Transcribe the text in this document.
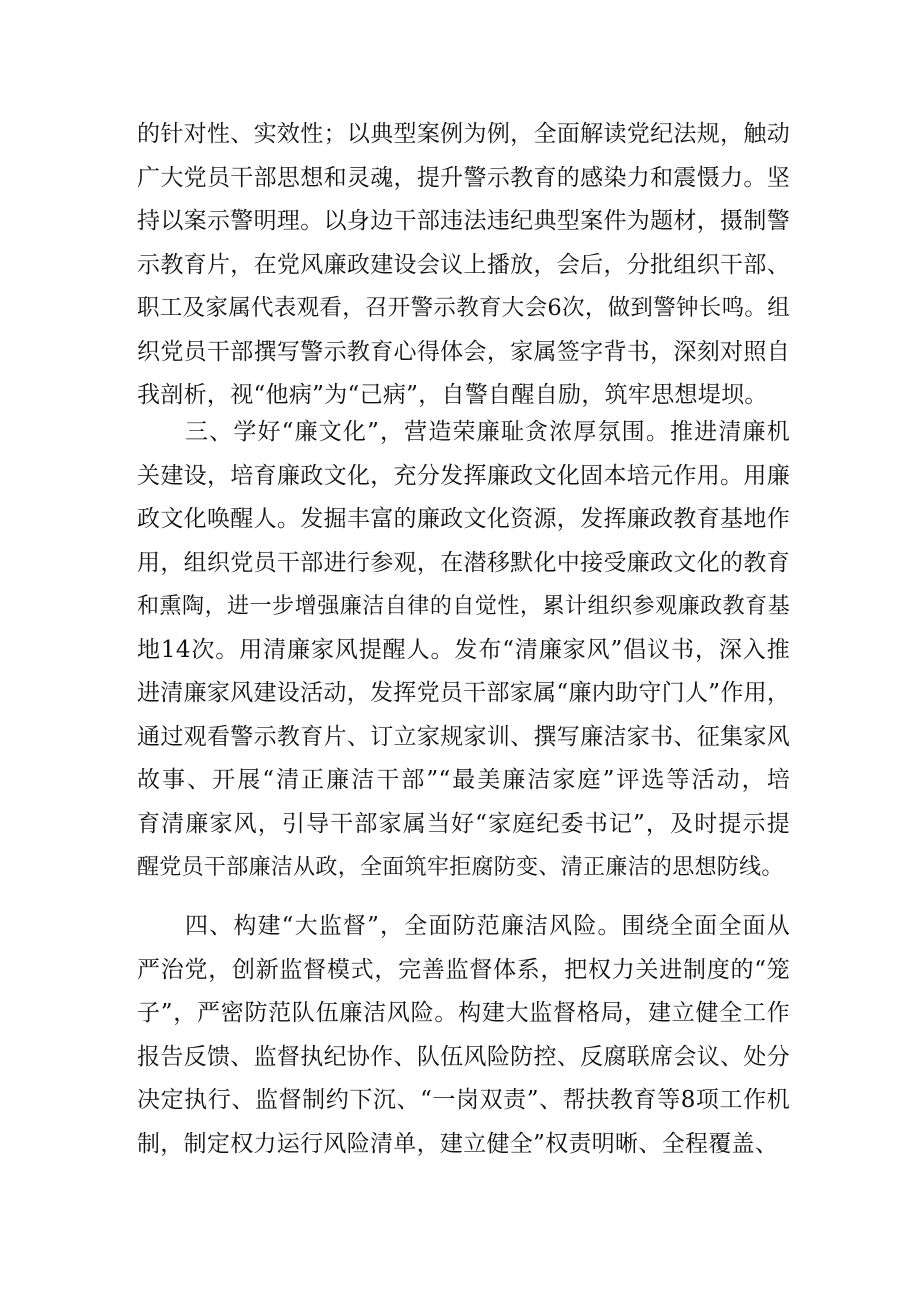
的针对性、实效性；以典型案例为例，全面解读党纪法规，触动
广大党员干部思想和灵魂，提升警示教育的感染力和震慑力。坚
持以案示警明理。以身边干部违法违纪典型案件为题材，摄制警
示教育片，在党风廉政建设会议上播放，会后，分批组织干部、
职工及家属代表观看，召开警示教育大会6次，做到警钟长鸣。组
织党员干部撰写警示教育心得体会，家属签字背书，深刻对照自
我剖析，视“他病”为“己病”，自警自醒自励，筑牢思想堤坝。
三、学好“廉文化”，营造荣廉耻贪浓厚氛围。推进清廉机
关建设，培育廉政文化，充分发挥廉政文化固本培元作用。用廉
政文化唤醒人。发掘丰富的廉政文化资源，发挥廉政教育基地作
用，组织党员干部进行参观，在潜移默化中接受廉政文化的教育
和熏陶，进一步增强廉洁自律的自觉性，累计组织参观廉政教育基
地14次。用清廉家风提醒人。发布“清廉家风”倡议书，深入推
进清廉家风建设活动，发挥党员干部家属“廉内助守门人”作用，
通过观看警示教育片、订立家规家训、撰写廉洁家书、征集家风
故事、开展“清正廉洁干部”“最美廉洁家庭”评选等活动，培
育清廉家风，引导干部家属当好“家庭纪委书记”，及时提示提
醒党员干部廉洁从政，全面筑牢拒腐防变、清正廉洁的思想防线。
四、构建“大监督”，全面防范廉洁风险。围绕全面全面从
严治党，创新监督模式，完善监督体系，把权力关进制度的“笼
子”，严密防范队伍廉洁风险。构建大监督格局，建立健全工作
报告反馈、监督执纪协作、队伍风险防控、反腐联席会议、处分
决定执行、监督制约下沉、“一岗双责”、帮扶教育等8项工作机
制，制定权力运行风险清单，建立健全”权责明晰、全程覆盖、
